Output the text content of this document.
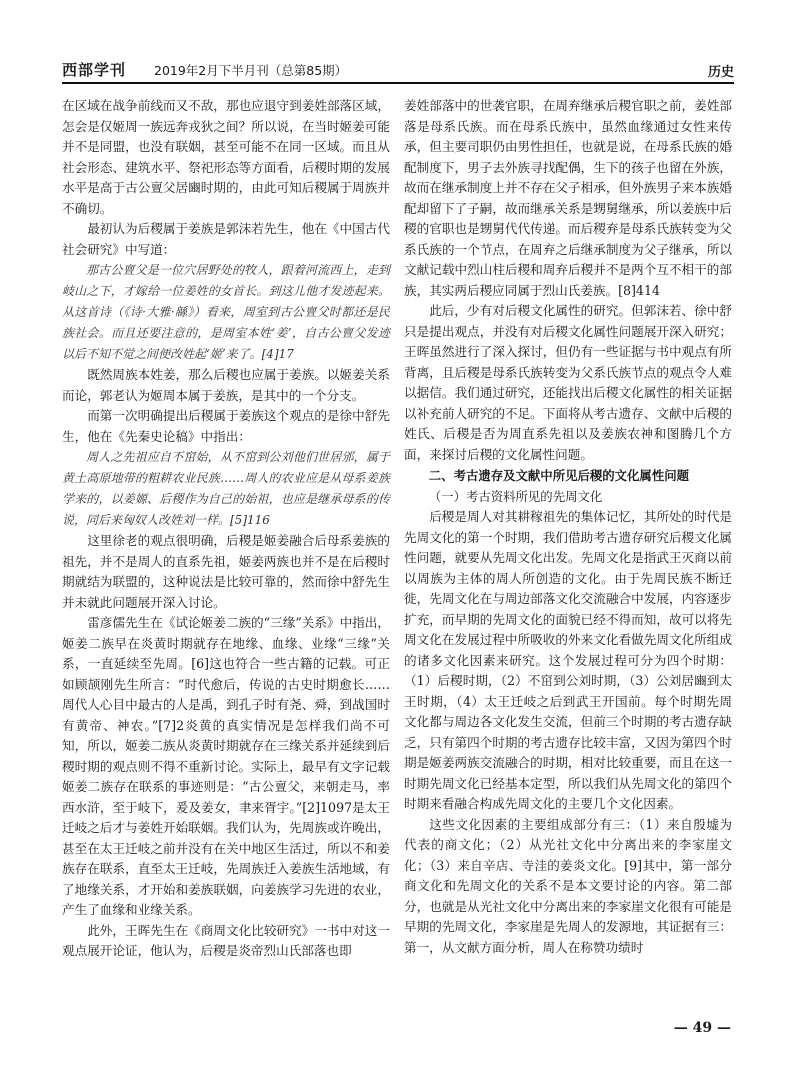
西部学刊 2019年2月下半月刊（总第85期）	历史

在区域在战争前线而又不敌，那也应退守到姜姓部落区域，怎会是仅姬周一族远奔戎狄之间？所以说，在当时姬姜可能并不是同盟，也没有联姻，甚至可能不在同一区域。而且从社会形态、建筑水平、祭祀形态等方面看，后稷时期的发展水平是高于古公亶父居豳时期的，由此可知后稷属于周族并不确切。

最初认为后稷属于姜族是郭沫若先生，他在《中国古代社会研究》中写道：

那古公亶父是一位穴居野处的牧人，跟着河流西上，走到岐山之下，才嫁给一位姜姓的女首长。到这儿他才发迹起来。从这首诗（《诗·大雅·緜》）看来，周室到古公亶父时都还是民族社会。而且还要注意的，是周室本姓‘姜’，自古公亶父发迹以后不知不觉之间便改姓起‘姬’来了。[4]17

既然周族本姓姜，那么后稷也应属于姜族。以姬姜关系而论，郭老认为姬周本属于姜族，是其中的一个分支。

而第一次明确提出后稷属于姜族这个观点的是徐中舒先生，他在《先秦史论稿》中指出：

周人之先祖应自不窋始，从不窋到公刘他们世居邠，属于黄土高原地带的粗耕农业民族……周人的农业应是从母系姜族学来的，以姜嫄、后稷作为自己的始祖，也应是继承母系的传说，同后来匈奴人改姓刘一样。[5]116

这里徐老的观点很明确，后稷是姬姜融合后母系姜族的祖先，并不是周人的直系先祖，姬姜两族也并不是在后稷时期就结为联盟的，这种说法是比较可靠的，然而徐中舒先生并未就此问题展开深入讨论。

雷彦儒先生在《试论姬姜二族的“三缘”关系》中指出，姬姜二族早在炎黄时期就存在地缘、血缘、业缘“三缘”关系，一直延续至先周。[6]这也符合一些古籍的记载。可正如顾颉刚先生所言：“时代愈后，传说的古史时期愈长……周代人心目中最古的人是禹，到孔子时有尧、舜，到战国时有黄帝、神农。”[7]2炎黄的真实情况是怎样我们尚不可知，所以，姬姜二族从炎黄时期就存在三缘关系并延续到后稷时期的观点则不得不重新讨论。实际上，最早有文字记载姬姜二族存在联系的事迹则是：“古公亶父，来朝走马，率西水浒，至于岐下，爰及姜女，聿来胥宇。”[2]1097是太王迁岐之后才与姜姓开始联姻。我们认为，先周族或许晚出，甚至在太王迁岐之前并没有在关中地区生活过，所以不和姜族存在联系，直至太王迁岐，先周族迁入姜族生活地域，有了地缘关系，才开始和姜族联姻，向姜族学习先进的农业，产生了血缘和业缘关系。

此外，王晖先生在《商周文化比较研究》一书中对这一观点展开论证，他认为，后稷是炎帝烈山氏部落也即

姜姓部落中的世袭官职，在周弃继承后稷官职之前，姜姓部落是母系氏族。而在母系氏族中，虽然血缘通过女性来传承，但主要司职仍由男性担任，也就是说，在母系氏族的婚配制度下，男子去外族寻找配偶，生下的孩子也留在外族，故而在继承制度上并不存在父子相承，但外族男子来本族婚配却留下了子嗣，故而继承关系是甥舅继承，所以姜族中后稷的官职也是甥舅代代传递。而后稷弃是母系氏族转变为父系氏族的一个节点，在周弃之后继承制度为父子继承，所以文献记载中烈山柱后稷和周弃后稷并不是两个互不相干的部族，其实两后稷应同属于烈山氏姜族。[8]414

此后，少有对后稷文化属性的研究。但郭沫若、徐中舒只是提出观点，并没有对后稷文化属性问题展开深入研究；王晖虽然进行了深入探讨，但仍有一些证据与书中观点有所背离，且后稷是母系氏族转变为父系氏族节点的观点令人难以据信。我们通过研究，还能找出后稷文化属性的相关证据以补充前人研究的不足。下面将从考古遗存、文献中后稷的姓氏、后稷是否为周直系先祖以及姜族农神和图腾几个方面，来探讨后稷的文化属性问题。

二、考古遗存及文献中所见后稷的文化属性问题

（一）考古资料所见的先周文化

后稷是周人对其耕稼祖先的集体记忆，其所处的时代是先周文化的第一个时期，我们借助考古遗存研究后稷文化属性问题，就要从先周文化出发。先周文化是指武王灭商以前以周族为主体的周人所创造的文化。由于先周民族不断迁徙，先周文化在与周边部落文化交流融合中发展，内容逐步扩充，而早期的先周文化的面貌已经不得而知，故可以将先周文化在发展过程中所吸收的外来文化看做先周文化所组成的诸多文化因素来研究。这个发展过程可分为四个时期：（1）后稷时期，（2）不窋到公刘时期，（3）公刘居豳到太王时期，（4）太王迁岐之后到武王开国前。每个时期先周文化都与周边各文化发生交流，但前三个时期的考古遗存缺乏，只有第四个时期的考古遗存比较丰富，又因为第四个时期是姬姜两族交流融合的时期，相对比较重要，而且在这一时期先周文化已经基本定型，所以我们从先周文化的第四个时期来看融合构成先周文化的主要几个文化因素。

这些文化因素的主要组成部分有三：（1）来自殷墟为代表的商文化；（2）从光社文化中分离出来的李家崖文化；（3）来自辛店、寺洼的姜炎文化。[9]其中，第一部分商文化和先周文化的关系不是本文要讨论的内容。第二部分，也就是从光社文化中分离出来的李家崖文化很有可能是早期的先周文化，李家崖是先周人的发源地，其证据有三：第一，从文献方面分析，周人在称赞功绩时

— 49 —
